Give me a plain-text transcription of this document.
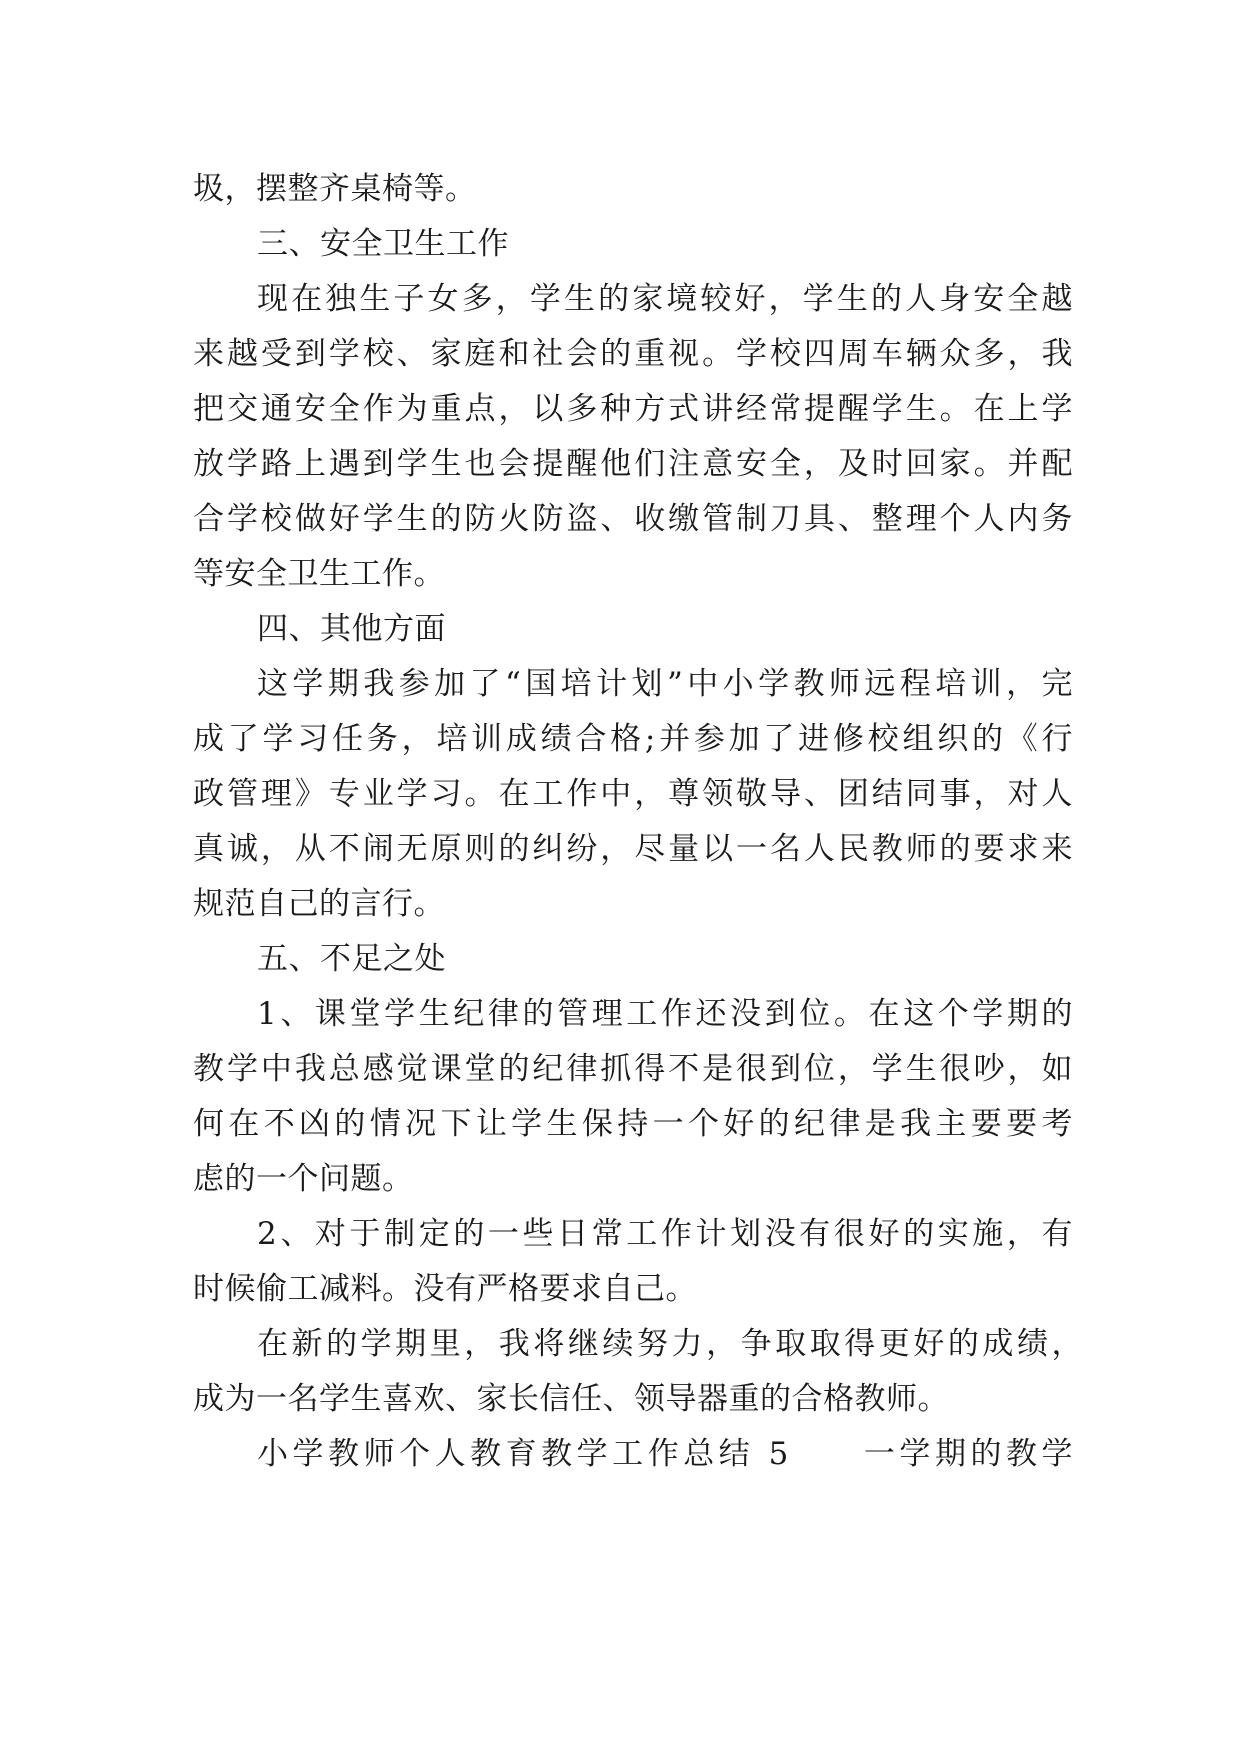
圾，摆整齐桌椅等。
三、安全卫生工作
现在独生子女多，学生的家境较好，学生的人身安全越
来越受到学校、家庭和社会的重视。学校四周车辆众多，我
把交通安全作为重点，以多种方式讲经常提醒学生。在上学
放学路上遇到学生也会提醒他们注意安全，及时回家。并配
合学校做好学生的防火防盗、收缴管制刀具、整理个人内务
等安全卫生工作。
四、其他方面
这学期我参加了“国培计划”中小学教师远程培训，完
成了学习任务，培训成绩合格;并参加了进修校组织的《行
政管理》专业学习。在工作中，尊领敬导、团结同事，对人
真诚，从不闹无原则的纠纷，尽量以一名人民教师的要求来
规范自己的言行。
五、不足之处
1、课堂学生纪律的管理工作还没到位。在这个学期的
教学中我总感觉课堂的纪律抓得不是很到位，学生很吵，如
何在不凶的情况下让学生保持一个好的纪律是我主要要考
虑的一个问题。
2、对于制定的一些日常工作计划没有很好的实施，有
时候偷工减料。没有严格要求自己。
在新的学期里，我将继续努力，争取取得更好的成绩，
成为一名学生喜欢、家长信任、领导器重的合格教师。
小学教师个人教育教学工作总结 5　　一学期的教学
